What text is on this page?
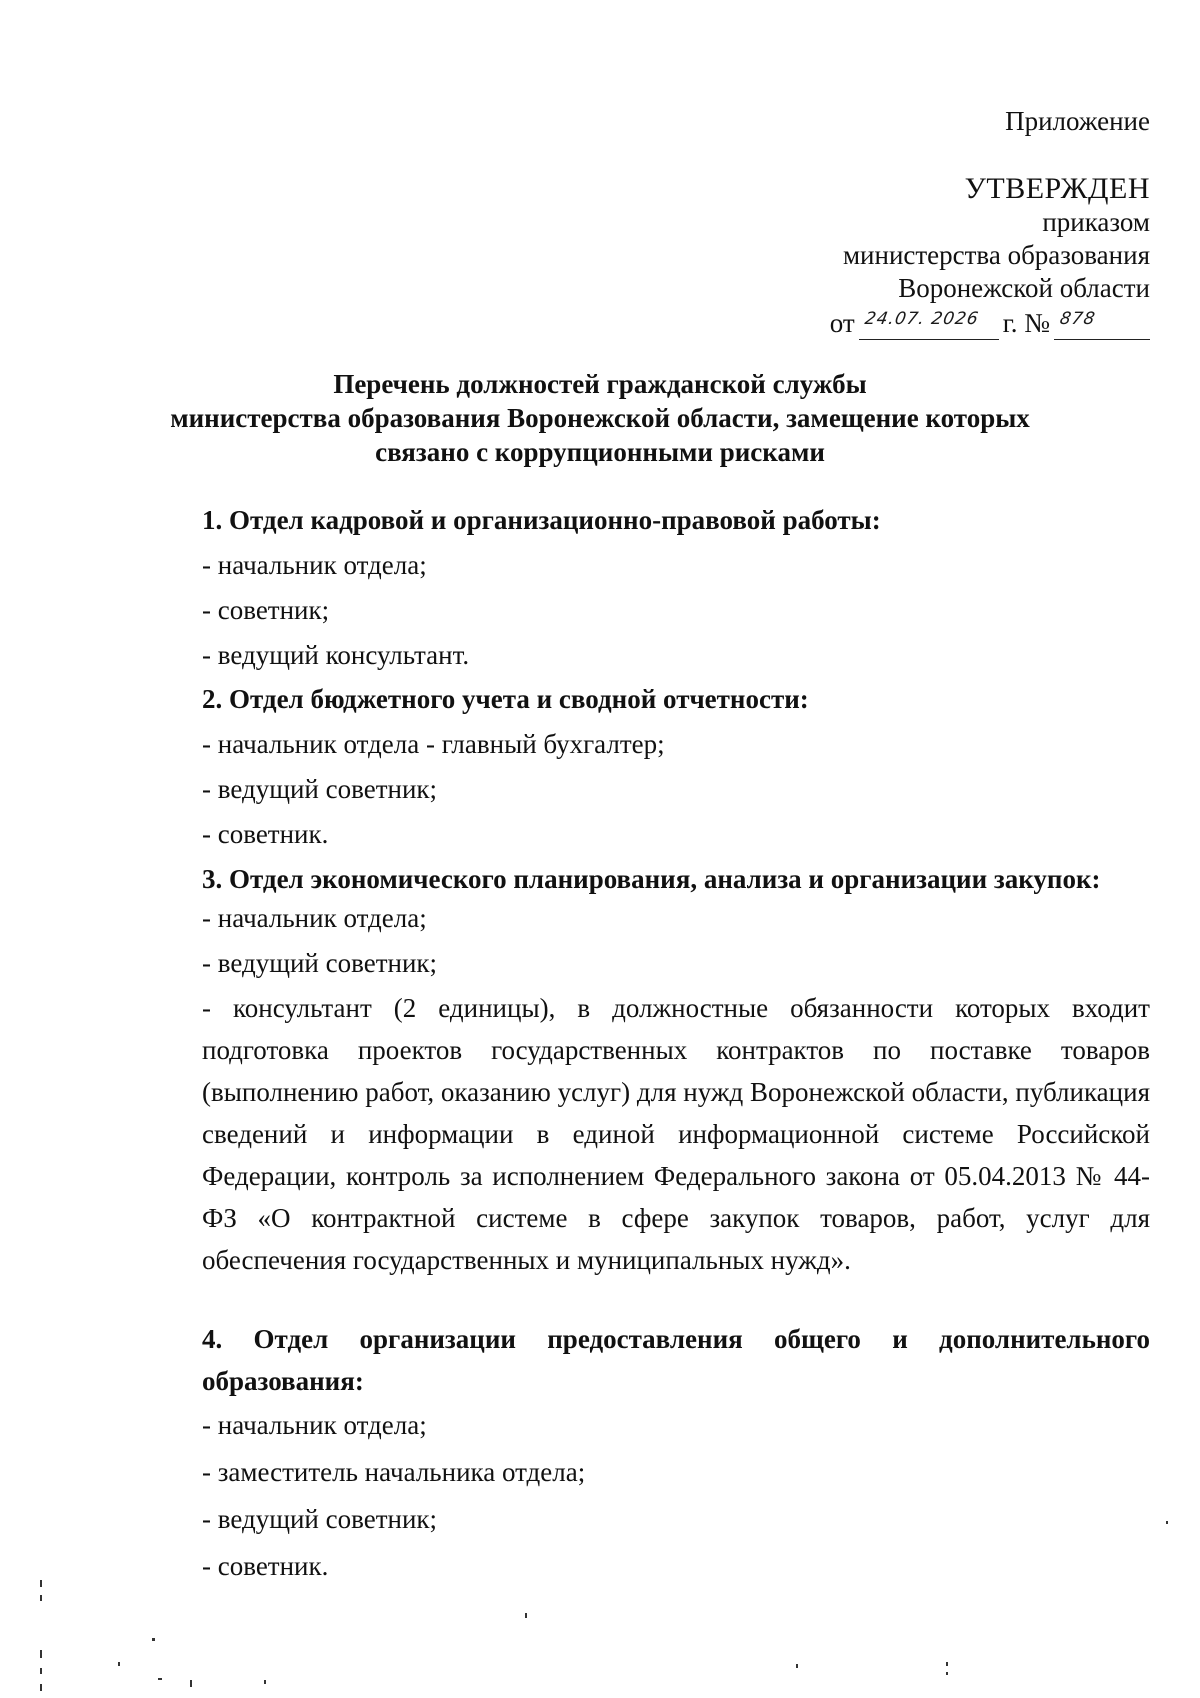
Приложение
УТВЕРЖДЕН
приказом
министерства образования
Воронежской области
от 24.07. 2026 г. № 878
Перечень должностей гражданской службы
министерства образования Воронежской области, замещение которых
связано с коррупционными рисками

1. Отдел кадровой и организационно-правовой работы:

- начальник отдела;

- советник;

- ведущий консультант.

2. Отдел бюджетного учета и сводной отчетности:

- начальник отдела - главный бухгалтер;

- ведущий советник;

- советник.

3. Отдел экономического планирования, анализа и организации закупок:

- начальник отдела;

- ведущий советник;

- консультант (2 единицы), в должностные обязанности которых входит подготовка проектов государственных контрактов по поставке товаров (выполнению работ, оказанию услуг) для нужд Воронежской области, публикация сведений и информации в единой информационной системе Российской Федерации, контроль за исполнением Федерального закона от 05.04.2013 № 44-ФЗ «О контрактной системе в сфере закупок товаров, работ, услуг для обеспечения государственных и муниципальных нужд».

4. Отдел организации предоставления общего и дополнительного образования:

- начальник отдела;

- заместитель начальника отдела;

- ведущий советник;

- советник.
